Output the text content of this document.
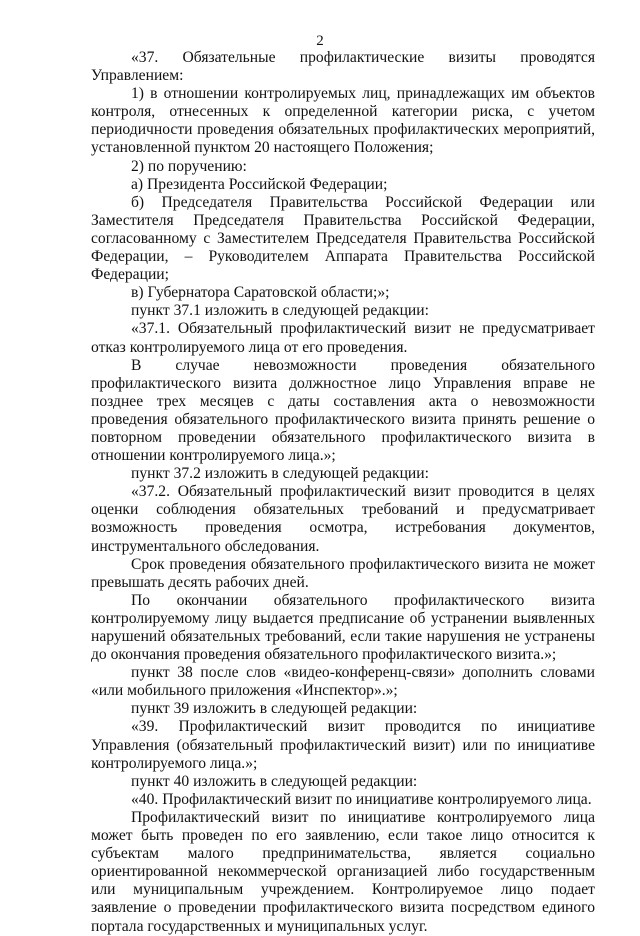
2

«37. Обязательные профилактические визиты проводятся Управлением:

1) в отношении контролируемых лиц, принадлежащих им объектов контроля, отнесенных к определенной категории риска, с учетом периодичности проведения обязательных профилактических мероприятий, установленной пунктом 20 настоящего Положения;

2) по поручению:

а) Президента Российской Федерации;

б) Председателя Правительства Российской Федерации или Заместителя Председателя Правительства Российской Федерации, согласованному с Заместителем Председателя Правительства Российской Федерации, – Руководителем Аппарата Правительства Российской Федерации;

в) Губернатора Саратовской области;»;

пункт 37.1 изложить в следующей редакции:

«37.1. Обязательный профилактический визит не предусматривает отказ контролируемого лица от его проведения.

В случае невозможности проведения обязательного профилактического визита должностное лицо Управления вправе не позднее трех месяцев с даты составления акта о невозможности проведения обязательного профилактического визита принять решение о повторном проведении обязательного профилактического визита в отношении контролируемого лица.»;

пункт 37.2 изложить в следующей редакции:

«37.2. Обязательный профилактический визит проводится в целях оценки соблюдения обязательных требований и предусматривает возможность проведения осмотра, истребования документов, инструментального обследования.

Срок проведения обязательного профилактического визита не может превышать десять рабочих дней.

По окончании обязательного профилактического визита контролируемому лицу выдается предписание об устранении выявленных нарушений обязательных требований, если такие нарушения не устранены до окончания проведения обязательного профилактического визита.»;

пункт 38 после слов «видео-конференц-связи» дополнить словами «или мобильного приложения «Инспектор».»;

пункт 39 изложить в следующей редакции:

«39. Профилактический визит проводится по инициативе Управления (обязательный профилактический визит) или по инициативе контролируемого лица.»;

пункт 40 изложить в следующей редакции:

«40. Профилактический визит по инициативе контролируемого лица.

Профилактический визит по инициативе контролируемого лица может быть проведен по его заявлению, если такое лицо относится к субъектам малого предпринимательства, является социально ориентированной некоммерческой организацией либо государственным или муниципальным учреждением. Контролируемое лицо подает заявление о проведении профилактического визита посредством единого портала государственных и муниципальных услуг.
